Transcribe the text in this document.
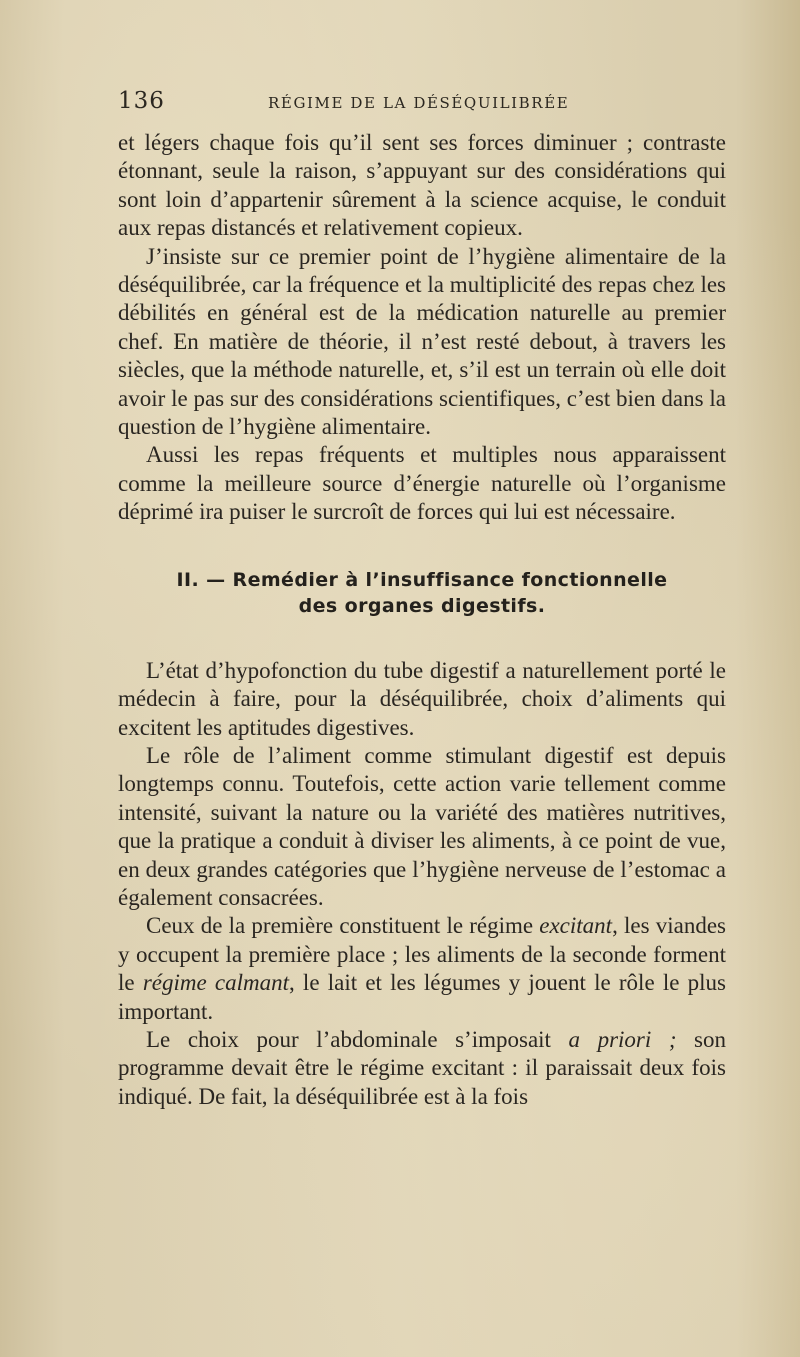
136	RÉGIME DE LA DÉSÉQUILIBRÉE

et légers chaque fois qu’il sent ses forces diminuer ; contraste étonnant, seule la raison, s’appuyant sur des considérations qui sont loin d’appartenir sûrement à la science acquise, le conduit aux repas distancés et relativement copieux.

J’insiste sur ce premier point de l’hygiène alimentaire de la déséquilibrée, car la fréquence et la multiplicité des repas chez les débilités en général est de la médication naturelle au premier chef. En matière de théorie, il n’est resté debout, à travers les siècles, que la méthode naturelle, et, s’il est un terrain où elle doit avoir le pas sur des considérations scientifiques, c’est bien dans la question de l’hygiène alimentaire.

Aussi les repas fréquents et multiples nous apparaissent comme la meilleure source d’énergie naturelle où l’organisme déprimé ira puiser le surcroît de forces qui lui est nécessaire.

II. — Remédier à l’insuffisance fonctionnelle
des organes digestifs.

L’état d’hypofonction du tube digestif a naturellement porté le médecin à faire, pour la déséquilibrée, choix d’aliments qui excitent les aptitudes digestives.

Le rôle de l’aliment comme stimulant digestif est depuis longtemps connu. Toutefois, cette action varie tellement comme intensité, suivant la nature ou la variété des matières nutritives, que la pratique a conduit à diviser les aliments, à ce point de vue, en deux grandes catégories que l’hygiène nerveuse de l’estomac a également consacrées.

Ceux de la première constituent le régime excitant, les viandes y occupent la première place ; les aliments de la seconde forment le régime calmant, le lait et les légumes y jouent le rôle le plus important.

Le choix pour l’abdominale s’imposait a priori ; son programme devait être le régime excitant : il paraissait deux fois indiqué. De fait, la déséquilibrée est à la fois
